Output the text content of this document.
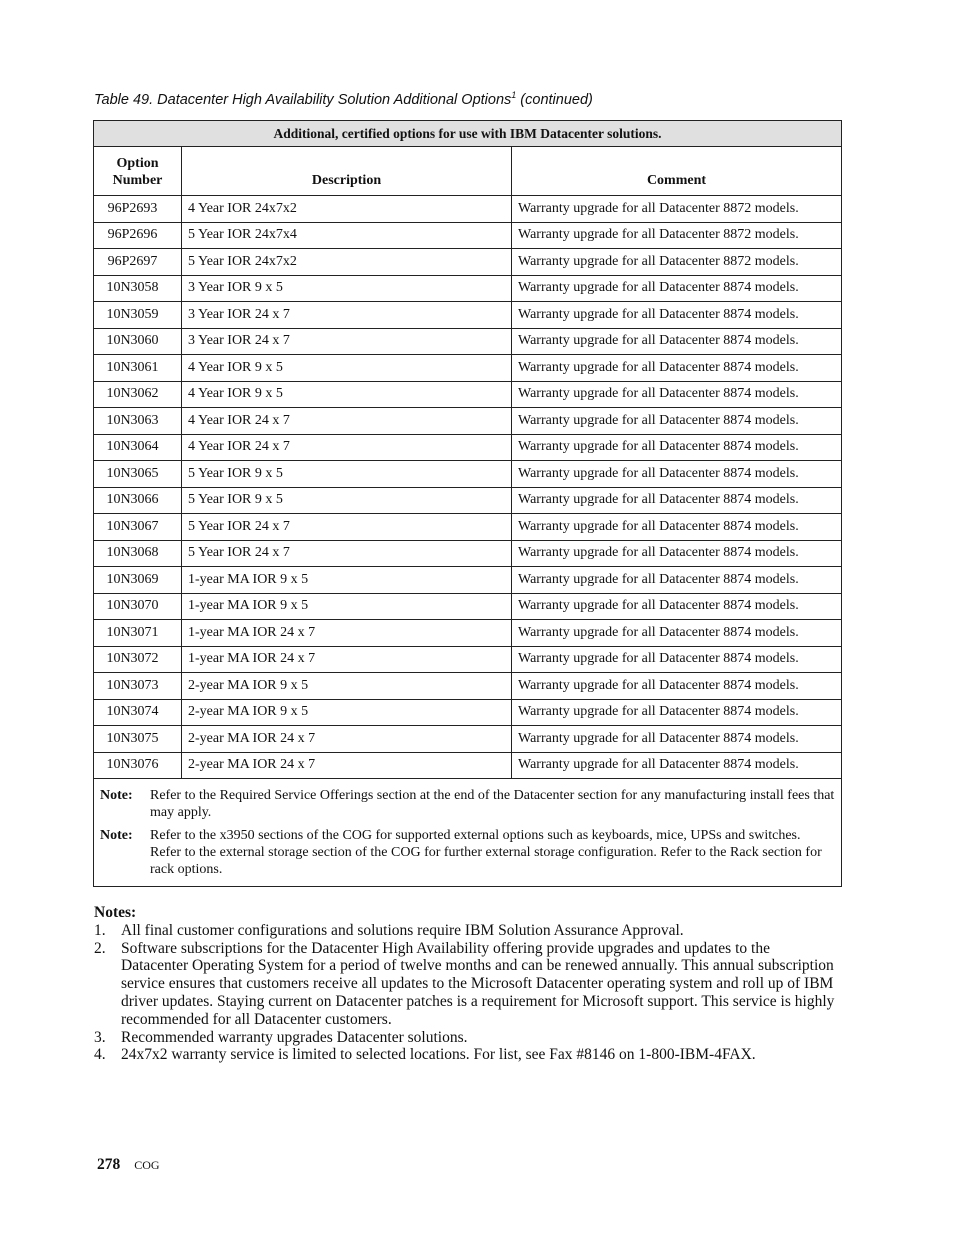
Table 49. Datacenter High Availability Solution Additional Options$^1$ (continued)
Additional, certified options for use with IBM Datacenter solutions.		
Option
Number	Description	Comment
96P2693	4 Year IOR 24x7x2	Warranty upgrade for all Datacenter 8872 models.
96P2696	5 Year IOR 24x7x4	Warranty upgrade for all Datacenter 8872 models.
96P2697	5 Year IOR 24x7x2	Warranty upgrade for all Datacenter 8872 models.
10N3058	3 Year IOR 9 x 5	Warranty upgrade for all Datacenter 8874 models.
10N3059	3 Year IOR 24 x 7	Warranty upgrade for all Datacenter 8874 models.
10N3060	3 Year IOR 24 x 7	Warranty upgrade for all Datacenter 8874 models.
10N3061	4 Year IOR 9 x 5	Warranty upgrade for all Datacenter 8874 models.
10N3062	4 Year IOR 9 x 5	Warranty upgrade for all Datacenter 8874 models.
10N3063	4 Year IOR 24 x 7	Warranty upgrade for all Datacenter 8874 models.
10N3064	4 Year IOR 24 x 7	Warranty upgrade for all Datacenter 8874 models.
10N3065	5 Year IOR 9 x 5	Warranty upgrade for all Datacenter 8874 models.
10N3066	5 Year IOR 9 x 5	Warranty upgrade for all Datacenter 8874 models.
10N3067	5 Year IOR 24 x 7	Warranty upgrade for all Datacenter 8874 models.
10N3068	5 Year IOR 24 x 7	Warranty upgrade for all Datacenter 8874 models.
10N3069	1-year MA IOR 9 x 5	Warranty upgrade for all Datacenter 8874 models.
10N3070	1-year MA IOR 9 x 5	Warranty upgrade for all Datacenter 8874 models.
10N3071	1-year MA IOR 24 x 7	Warranty upgrade for all Datacenter 8874 models.
10N3072	1-year MA IOR 24 x 7	Warranty upgrade for all Datacenter 8874 models.
10N3073	2-year MA IOR 9 x 5	Warranty upgrade for all Datacenter 8874 models.
10N3074	2-year MA IOR 9 x 5	Warranty upgrade for all Datacenter 8874 models.
10N3075	2-year MA IOR 24 x 7	Warranty upgrade for all Datacenter 8874 models.
10N3076	2-year MA IOR 24 x 7	Warranty upgrade for all Datacenter 8874 models.

Note: Refer to the Required Service Offerings section at the end of the Datacenter section for any manufacturing install fees that may apply.
Note: Refer to the x3950 sections of the COG for supported external options such as keyboards, mice, UPSs and switches. Refer to the external storage section of the COG for further external storage configuration. Refer to the Rack section for rack options.		
Notes:
1. All final customer configurations and solutions require IBM Solution Assurance Approval.
2. Software subscriptions for the Datacenter High Availability offering provide upgrades and updates to the Datacenter Operating System for a period of twelve months and can be renewed annually. This annual subscription service ensures that customers receive all updates to the Microsoft Datacenter operating system and roll up of IBM driver updates. Staying current on Datacenter patches is a requirement for Microsoft support. This service is highly recommended for all Datacenter customers.
3. Recommended warranty upgrades Datacenter solutions.
4. 24x7x2 warranty service is limited to selected locations. For list, see Fax #8146 on 1-800-IBM-4FAX.
278 COG
